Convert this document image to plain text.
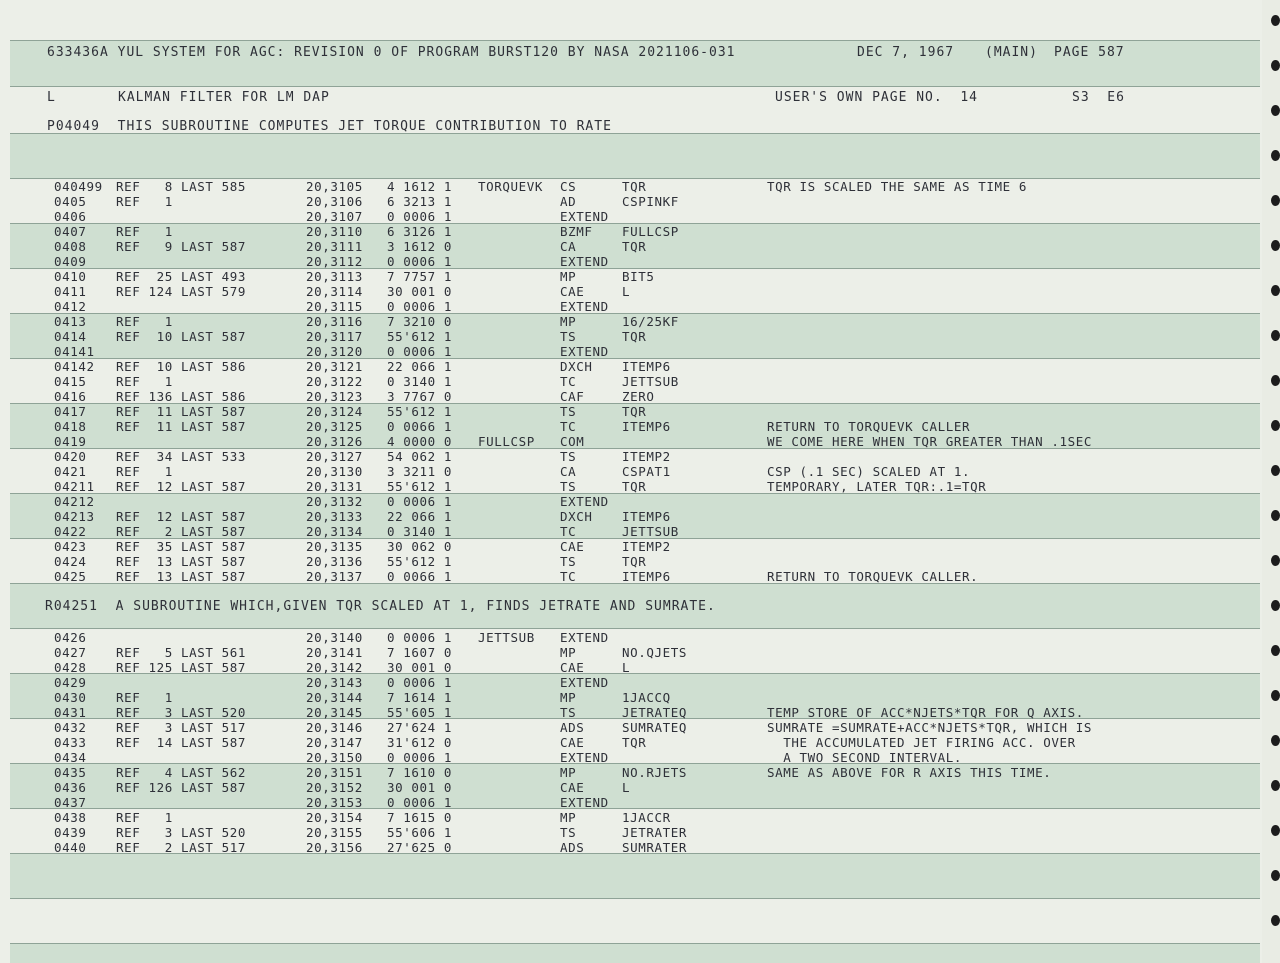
633436A YUL SYSTEM FOR AGC: REVISION 0 OF PROGRAM BURST120 BY NASA 2021106-031	DEC 7, 1967 (MAIN) PAGE 587
L	KALMAN FILTER FOR LM DAP	USER'S OWN PAGE NO.  14	S3  E6
P04049  THIS SUBROUTINE COMPUTES JET TORQUE CONTRIBUTION TO RATE
R04251  A SUBROUTINE WHICH,GIVEN TQR SCALED AT 1, FINDS JETRATE AND SUMRATE.
040499 REF   8 LAST 585	20,3105 4 1612 1 TORQUEVK CS	TQR	TQR IS SCALED THE SAME AS TIME 6
0405 REF   1	20,3106 6 3213 1	AD	CSPINKF
0406	20,3107 0 0006 1	EXTEND
0407 REF   1	20,3110 6 3126 1	BZMF FULLCSP
0408 REF   9 LAST 587	20,3111 3 1612 0	CA	TQR
0409	20,3112 0 0006 1	EXTEND
0410 REF  25 LAST 493	20,3113 7 7757 1	MP	BIT5
0411 REF 124 LAST 579	20,3114 30 001 0	CAE	L
0412	20,3115 0 0006 1	EXTEND
0413 REF   1	20,3116 7 3210 0	MP	16/25KF
0414 REF  10 LAST 587	20,3117 55'612 1	TS	TQR
04141	20,3120 0 0006 1	EXTEND
04142 REF  10 LAST 586	20,3121 22 066 1	DXCH ITEMP6
0415 REF   1	20,3122 0 3140 1	TC	JETTSUB
0416 REF 136 LAST 586	20,3123 3 7767 0	CAF	ZERO
0417 REF  11 LAST 587	20,3124 55'612 1	TS	TQR
0418 REF  11 LAST 587	20,3125 0 0066 1	TC	ITEMP6	RETURN TO TORQUEVK CALLER
0419	20,3126 4 0000 0 FULLCSP COM	WE COME HERE WHEN TQR GREATER THAN .1SEC
0420 REF  34 LAST 533	20,3127 54 062 1	TS	ITEMP2
0421 REF   1	20,3130 3 3211 0	CA	CSPAT1	CSP (.1 SEC) SCALED AT 1.
04211 REF  12 LAST 587	20,3131 55'612 1	TS	TQR	TEMPORARY, LATER TQR:.1=TQR
04212	20,3132 0 0006 1	EXTEND
04213 REF  12 LAST 587	20,3133 22 066 1	DXCH ITEMP6
0422 REF   2 LAST 587	20,3134 0 3140 1	TC	JETTSUB
0423 REF  35 LAST 587	20,3135 30 062 0	CAE	ITEMP2
0424 REF  13 LAST 587	20,3136 55'612 1	TS	TQR
0425 REF  13 LAST 587	20,3137 0 0066 1	TC	ITEMP6	RETURN TO TORQUEVK CALLER.
0426	20,3140 0 0006 1 JETTSUB EXTEND
0427 REF   5 LAST 561	20,3141 7 1607 0	MP	NO.QJETS
0428 REF 125 LAST 587	20,3142 30 001 0	CAE	L
0429	20,3143 0 0006 1	EXTEND
0430 REF   1	20,3144 7 1614 1	MP	1JACCQ
0431 REF   3 LAST 520	20,3145 55'605 1	TS	JETRATEQ	TEMP STORE OF ACC*NJETS*TQR FOR Q AXIS.
0432 REF   3 LAST 517	20,3146 27'624 1	ADS	SUMRATEQ	SUMRATE =SUMRATE+ACC*NJETS*TQR, WHICH IS
0433 REF  14 LAST 587	20,3147 31'612 0	CAE	TQR	THE ACCUMULATED JET FIRING ACC. OVER
0434	20,3150 0 0006 1	EXTEND	A TWO SECOND INTERVAL.
0435 REF   4 LAST 562	20,3151 7 1610 0	MP	NO.RJETS	SAME AS ABOVE FOR R AXIS THIS TIME.
0436 REF 126 LAST 587	20,3152 30 001 0	CAE	L
0437	20,3153 0 0006 1	EXTEND
0438 REF   1	20,3154 7 1615 0	MP	1JACCR
0439 REF   3 LAST 520	20,3155 55'606 1	TS	JETRATER
0440 REF   2 LAST 517	20,3156 27'625 0	ADS	SUMRATER
